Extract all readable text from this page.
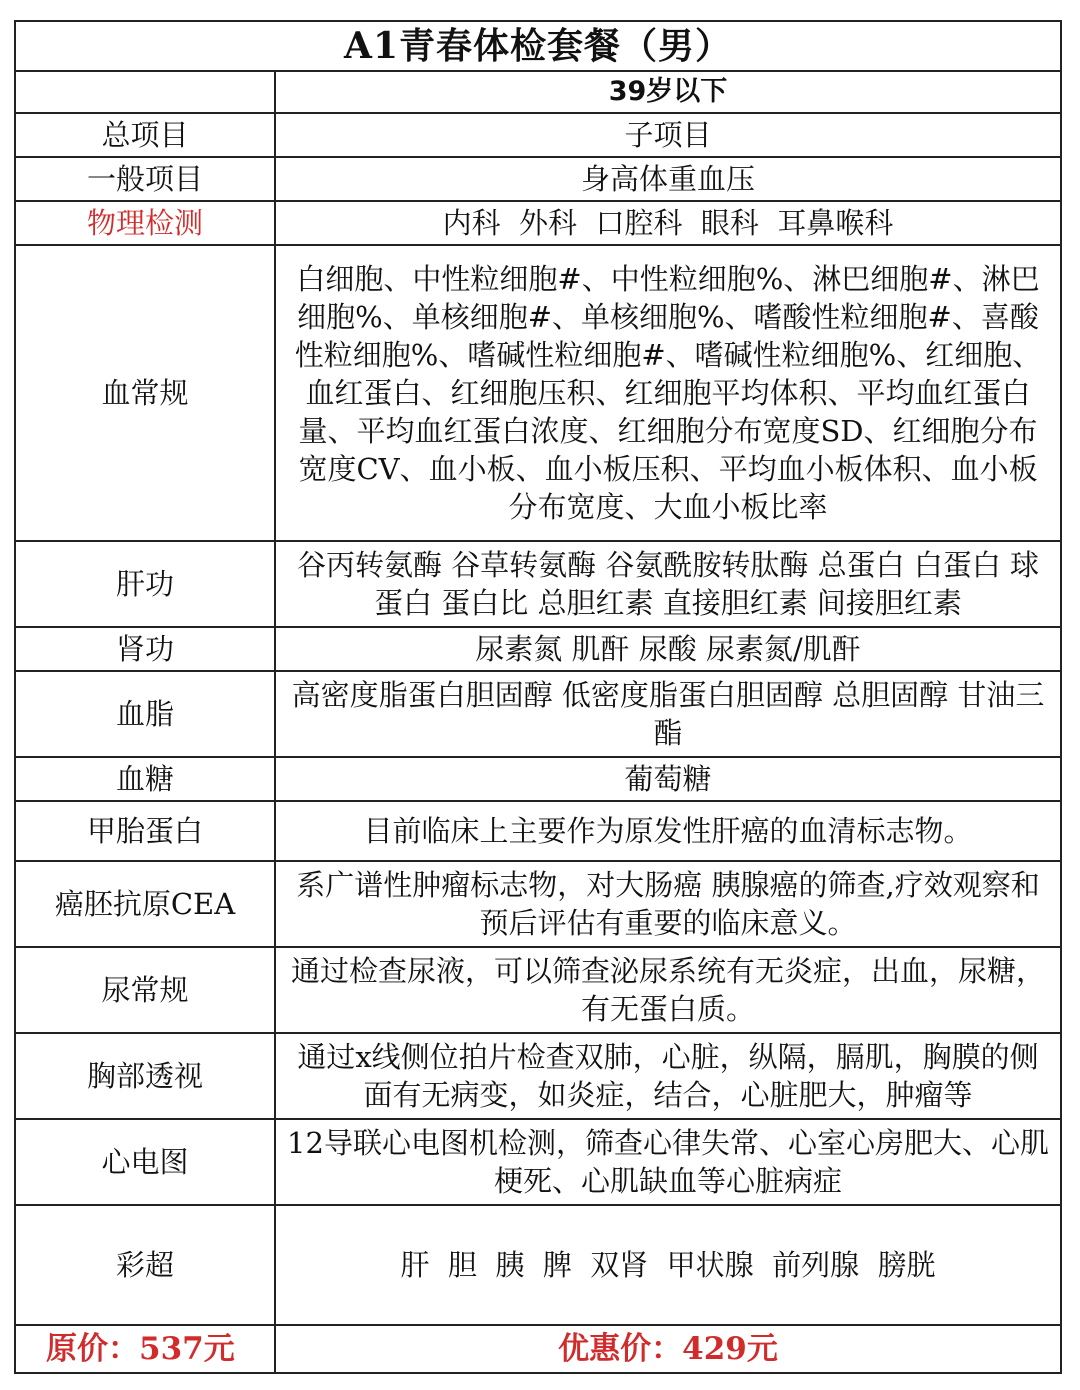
A1青春体检套餐（男）	
	39岁以下
总项目	子项目
一般项目	身高体重血压
物理检测	内科  外科  口腔科  眼科  耳鼻喉科
血常规	白细胞、中性粒细胞#、中性粒细胞%、淋巴细胞#、淋巴细胞%、单核细胞#、单核细胞%、嗜酸性粒细胞#、喜酸性粒细胞%、嗜碱性粒细胞#、嗜碱性粒细胞%、红细胞、血红蛋白、红细胞压积、红细胞平均体积、平均血红蛋白量、平均血红蛋白浓度、红细胞分布宽度SD、红细胞分布宽度CV、血小板、血小板压积、平均血小板体积、血小板分布宽度、大血小板比率
肝功	谷丙转氨酶 谷草转氨酶 谷氨酰胺转肽酶 总蛋白 白蛋白 球蛋白 蛋白比 总胆红素 直接胆红素 间接胆红素
肾功	尿素氮 肌酐 尿酸 尿素氮/肌酐
血脂	高密度脂蛋白胆固醇 低密度脂蛋白胆固醇 总胆固醇 甘油三酯
血糖	葡萄糖
甲胎蛋白	目前临床上主要作为原发性肝癌的血清标志物。
癌胚抗原CEA	系广谱性肿瘤标志物，对大肠癌 胰腺癌的筛查,疗效观察和预后评估有重要的临床意义。
尿常规	通过检查尿液，可以筛查泌尿系统有无炎症，出血，尿糖，有无蛋白质。
胸部透视	通过x线侧位拍片检查双肺，心脏，纵隔，膈肌，胸膜的侧面有无病变，如炎症，结合，心脏肥大，肿瘤等
心电图	12导联心电图机检测，筛查心律失常、心室心房肥大、心肌梗死、心肌缺血等心脏病症
彩超	肝  胆  胰  脾  双肾  甲状腺  前列腺  膀胱
原价：537元	优惠价：429元
